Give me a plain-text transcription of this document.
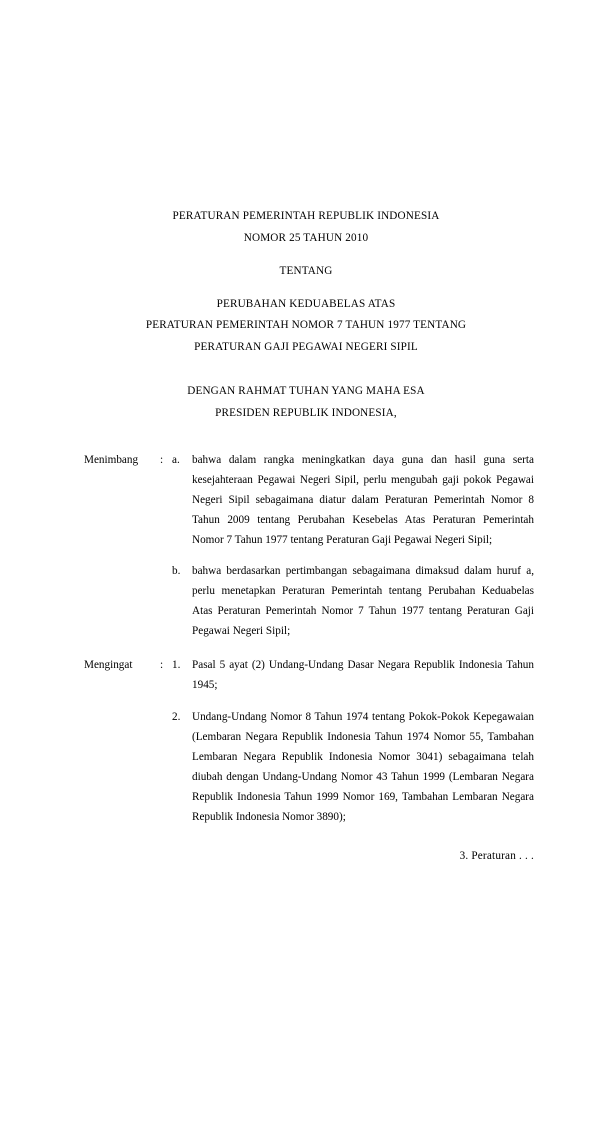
PERATURAN PEMERINTAH REPUBLIK INDONESIA
NOMOR 25 TAHUN 2010
TENTANG
PERUBAHAN KEDUABELAS ATAS
PERATURAN PEMERINTAH NOMOR 7 TAHUN 1977 TENTANG
PERATURAN GAJI PEGAWAI NEGERI SIPIL
DENGAN RAHMAT TUHAN YANG MAHA ESA
PRESIDEN REPUBLIK INDONESIA,
Menimbang	: a.	bahwa dalam rangka meningkatkan daya guna dan hasil guna serta kesejahteraan Pegawai Negeri Sipil, perlu mengubah gaji pokok Pegawai Negeri Sipil sebagaimana diatur dalam Peraturan Pemerintah Nomor 8 Tahun 2009 tentang Perubahan Kesebelas Atas Peraturan Pemerintah Nomor 7 Tahun 1977 tentang Peraturan Gaji Pegawai Negeri Sipil;
b.	bahwa berdasarkan pertimbangan sebagaimana dimaksud dalam huruf a, perlu menetapkan Peraturan Pemerintah tentang Perubahan Keduabelas Atas Peraturan Pemerintah Nomor 7 Tahun 1977 tentang Peraturan Gaji Pegawai Negeri Sipil;
Mengingat	: 1.	Pasal 5 ayat (2) Undang-Undang Dasar Negara Republik Indonesia Tahun 1945;
2.	Undang-Undang Nomor 8 Tahun 1974 tentang Pokok-Pokok Kepegawaian (Lembaran Negara Republik Indonesia Tahun 1974 Nomor 55, Tambahan Lembaran Negara Republik Indonesia Nomor 3041) sebagaimana telah diubah dengan Undang-Undang Nomor 43 Tahun 1999 (Lembaran Negara Republik Indonesia Tahun 1999 Nomor 169, Tambahan Lembaran Negara Republik Indonesia Nomor 3890);
3. Peraturan . . .
